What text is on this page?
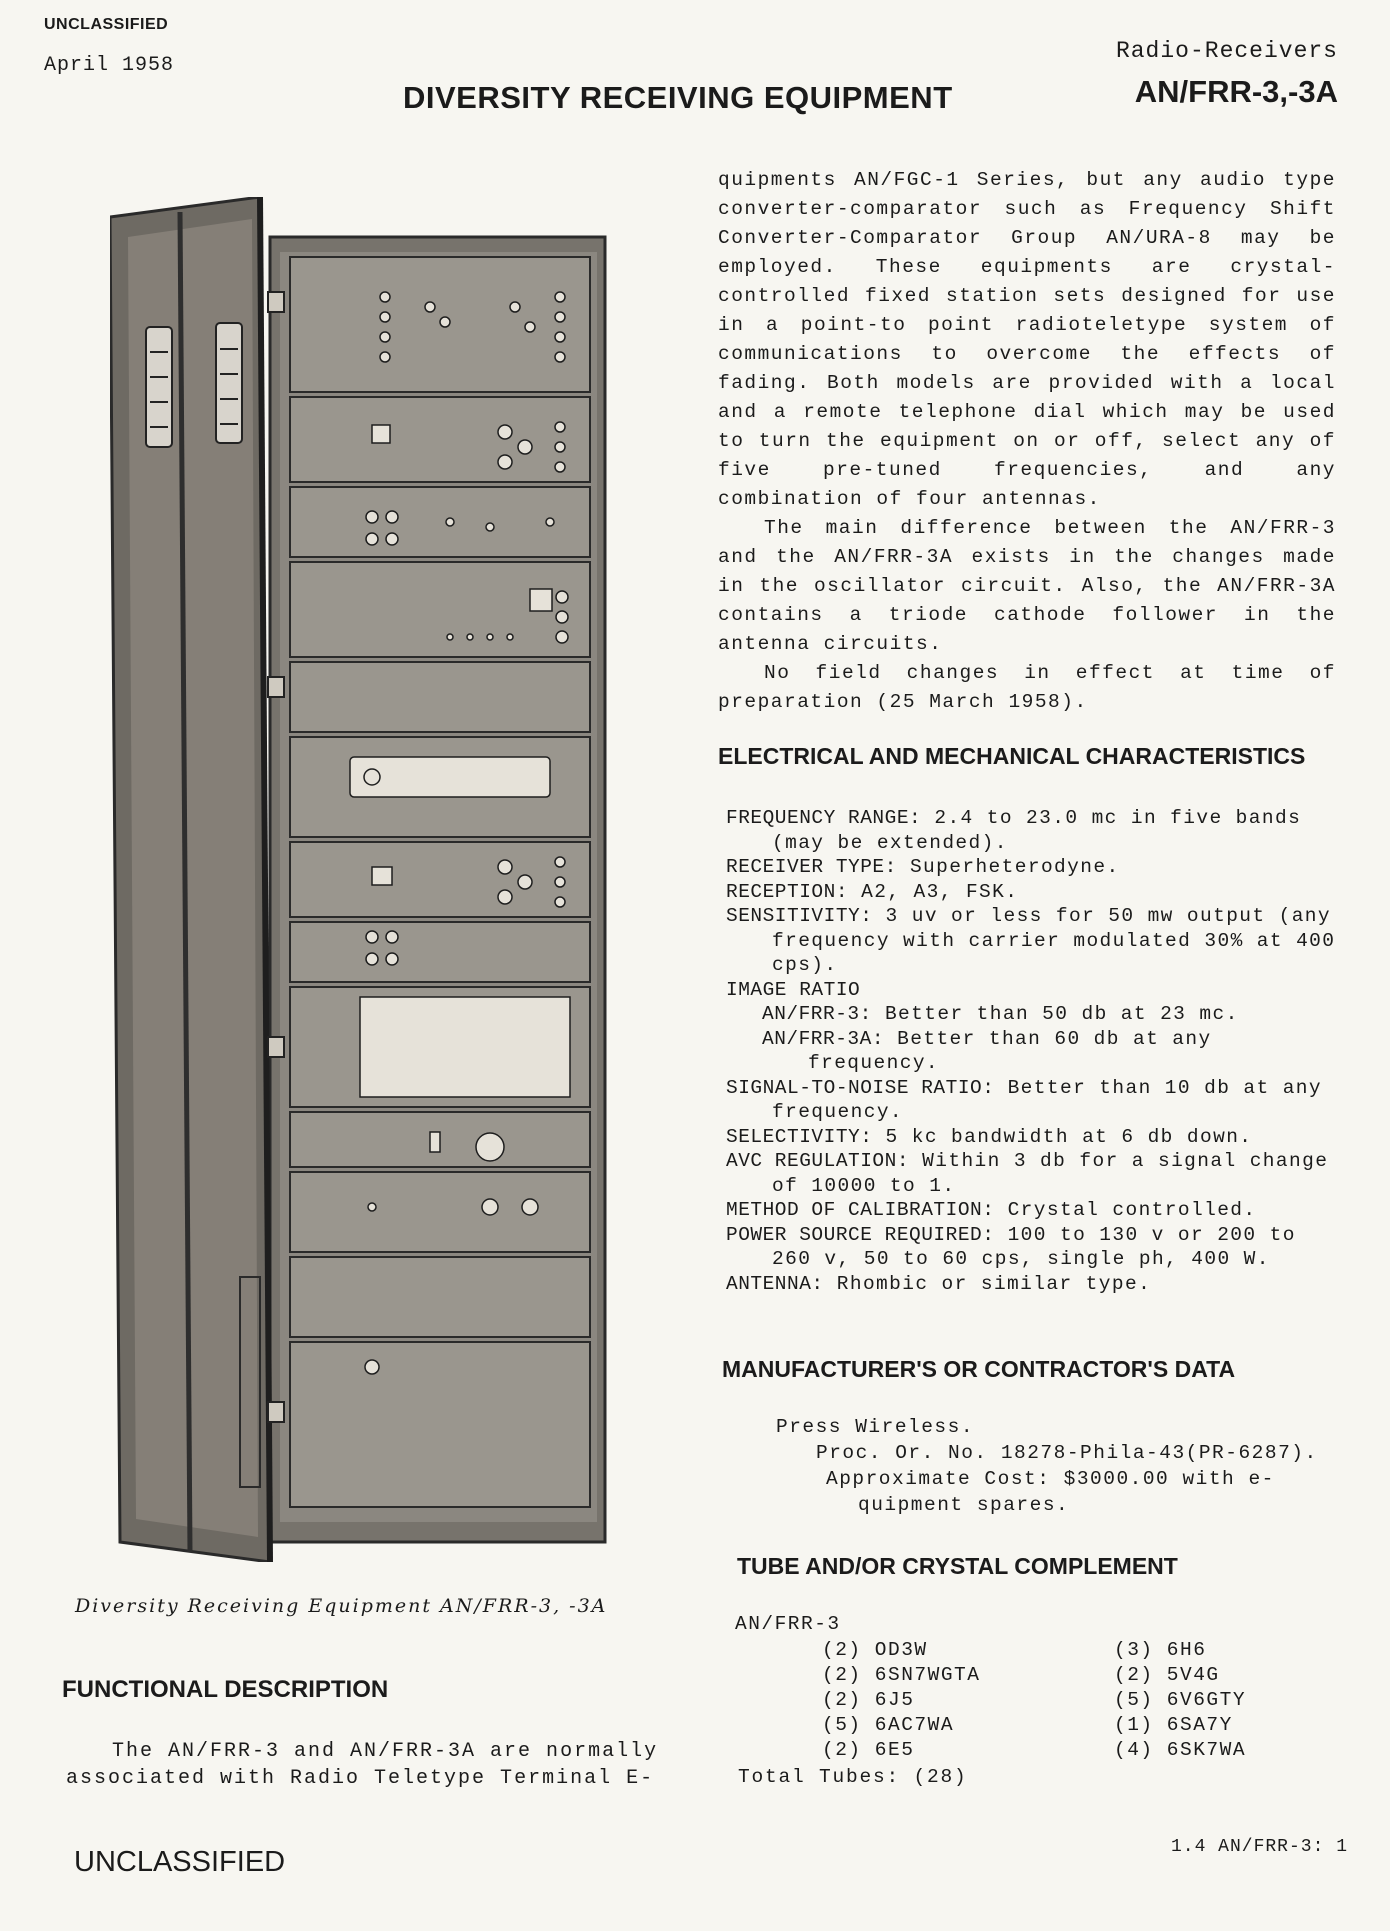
UNCLASSIFIED
April 1958
Radio-Receivers
AN/FRR-3,-3A
DIVERSITY RECEIVING EQUIPMENT
Diversity Receiving Equipment AN/FRR-3, -3A
FUNCTIONAL DESCRIPTION

The AN/FRR-3 and AN/FRR-3A are normally

associated with Radio Teletype Terminal E-

quipments AN/FGC-1 Series, but any audio type converter-comparator such as Frequency Shift Converter-Comparator Group AN/URA-8 may be employed. These equipments are crystal-controlled fixed station sets designed for use in a point-to point radioteletype system of communications to overcome the effects of fading. Both models are provided with a local and a remote telephone dial which may be used to turn the equipment on or off, select any of five pre-tuned frequencies, and any combination of four antennas.

The main difference between the AN/FRR-3 and the AN/FRR-3A exists in the changes made in the oscillator circuit. Also, the AN/FRR-3A contains a triode cathode follower in the antenna circuits.

No field changes in effect at time of preparation (25 March 1958).

ELECTRICAL AND MECHANICAL CHARACTERISTICS
FREQUENCY RANGE: 2.4 to 23.0 mc in five bands (may be extended).
RECEIVER TYPE: Superheterodyne.
RECEPTION: A2, A3, FSK.
SENSITIVITY: 3 uv or less for 50 mw output (any frequency with carrier modulated 30% at 400 cps).
IMAGE RATIO
AN/FRR-3: Better than 50 db at 23 mc.
AN/FRR-3A: Better than 60 db at any frequency.
SIGNAL-TO-NOISE RATIO: Better than 10 db at any frequency.
SELECTIVITY: 5 kc bandwidth at 6 db down.
AVC REGULATION: Within 3 db for a signal change of 10000 to 1.
METHOD OF CALIBRATION: Crystal controlled.
POWER SOURCE REQUIRED: 100 to 130 v or 200 to 260 v, 50 to 60 cps, single ph, 400 W.
ANTENNA: Rhombic or similar type.
MANUFACTURER'S OR CONTRACTOR'S DATA
Press Wireless.
Proc. Or. No. 18278-Phila-43(PR-6287).
Approximate Cost: $3000.00 with e-
quipment spares.
TUBE AND/OR CRYSTAL COMPLEMENT
AN/FRR-3
(2) OD3W
(2) 6SN7WGTA
(2) 6J5
(5) 6AC7WA
(2) 6E5
(3) 6H6
(2) 5V4G
(5) 6V6GTY
(1) 6SA7Y
(4) 6SK7WA
Total Tubes: (28)
UNCLASSIFIED	1.4 AN/FRR-3: 1
